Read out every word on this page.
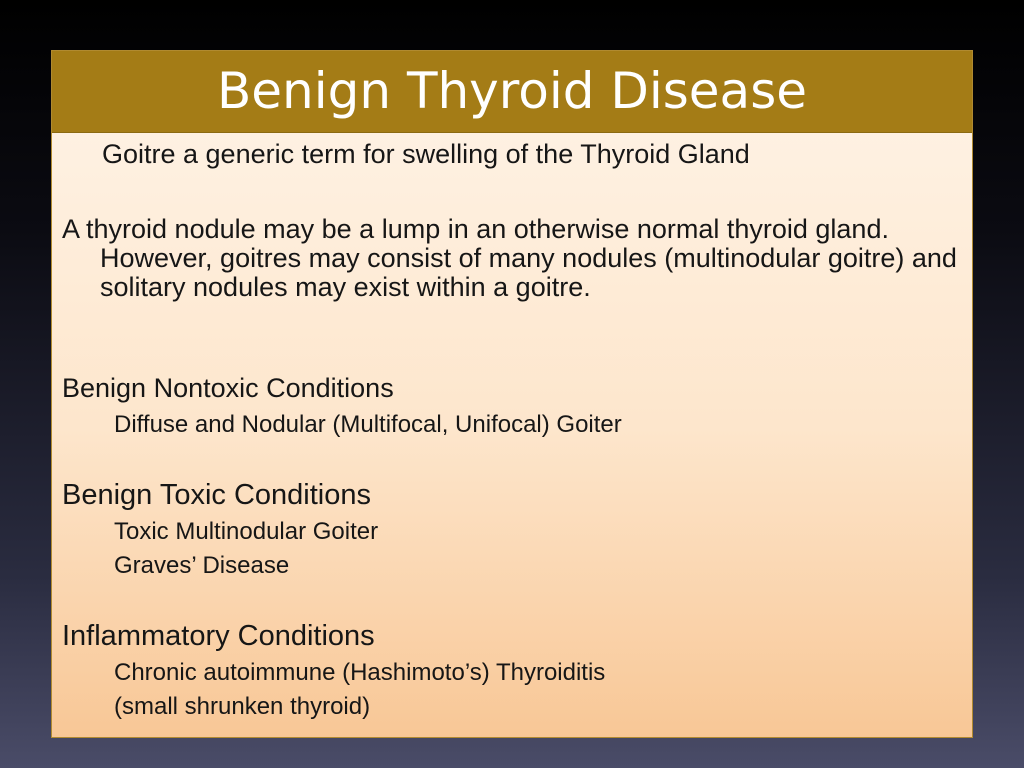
Benign Thyroid Disease
Goitre a generic term for swelling of the Thyroid Gland
A thyroid nodule may be a lump in an otherwise normal thyroid gland. However, goitres may consist of many nodules (multinodular goitre) and solitary nodules may exist within a goitre.
Benign Nontoxic Conditions
Diffuse and Nodular (Multifocal, Unifocal) Goiter
Benign Toxic Conditions
Toxic Multinodular Goiter
Graves’ Disease
Inflammatory Conditions
Chronic autoimmune (Hashimoto’s) Thyroiditis
(small shrunken thyroid)
